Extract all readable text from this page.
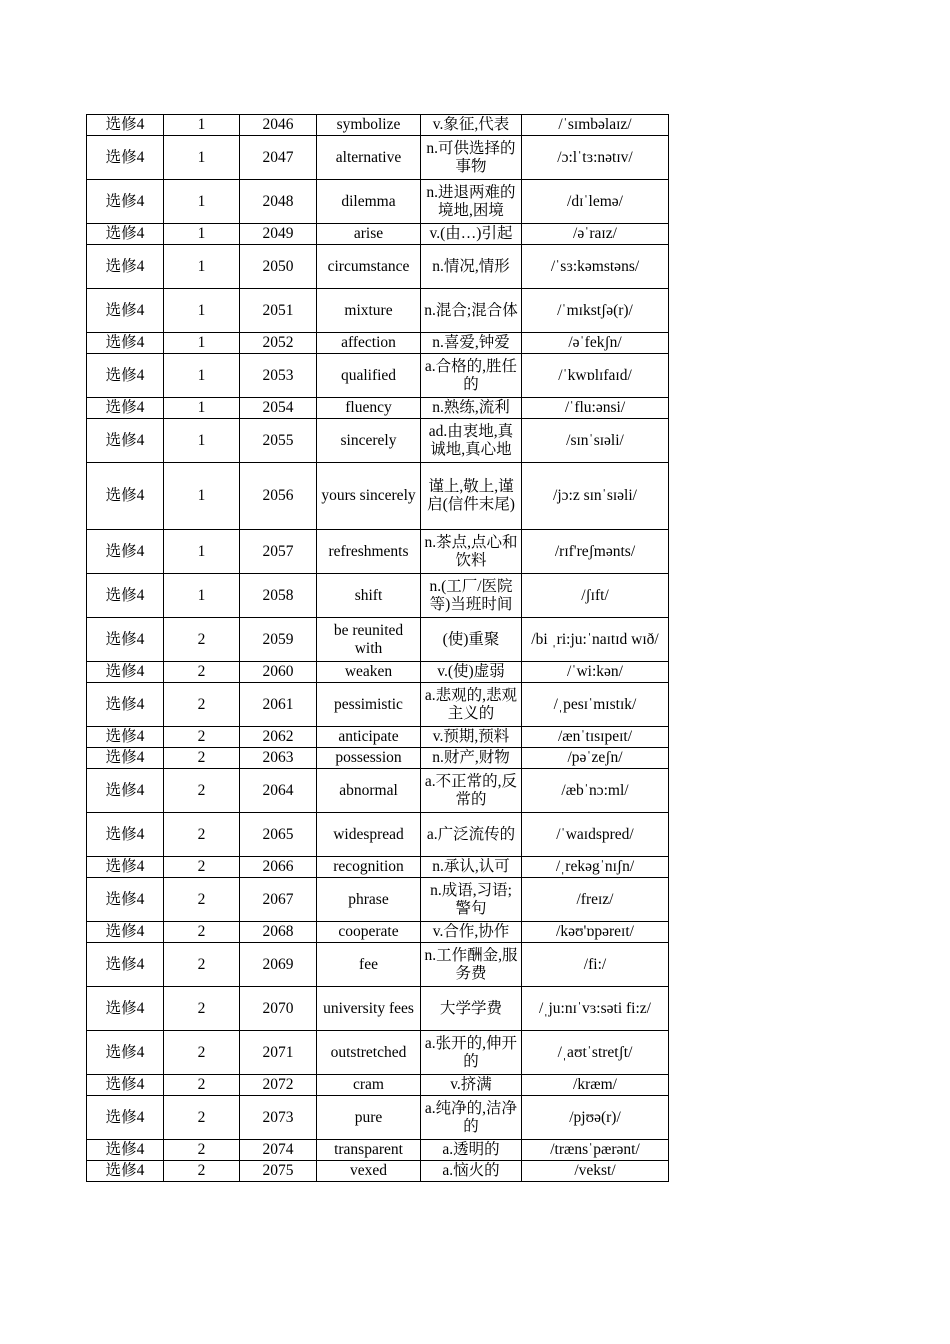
选修4	1	2046	symbolize	v.象征,代表	/ˈsɪmbəlaɪz/
选修4	1	2047	alternative	n.可供选择的事物	/ɔ:lˈtɜ:nətɪv/
选修4	1	2048	dilemma	n.进退两难的境地,困境	/dɪˈlemə/
选修4	1	2049	arise	v.(由…)引起	/əˈraɪz/
选修4	1	2050	circumstance	n.情况,情形	/ˈsɜ:kəmstəns/
选修4	1	2051	mixture	n.混合;混合体	/ˈmɪkstʃə(r)/
选修4	1	2052	affection	n.喜爱,钟爱	/əˈfekʃn/
选修4	1	2053	qualified	a.合格的,胜任的	/ˈkwɒlɪfaɪd/
选修4	1	2054	fluency	n.熟练,流利	/ˈflu:ənsi/
选修4	1	2055	sincerely	ad.由衷地,真诚地,真心地	/sɪnˈsɪəli/
选修4	1	2056	yours sincerely	谨上,敬上,谨启(信件末尾)	/jɔ:z sɪnˈsɪəli/
选修4	1	2057	refreshments	n.茶点,点心和饮料	/rɪf'reʃmənts/
选修4	1	2058	shift	n.(工厂/医院等)当班时间	/ʃɪft/
选修4	2	2059	be reunited with	(使)重聚	/bi ˌri:ju:ˈnaɪtɪd wɪð/
选修4	2	2060	weaken	v.(使)虚弱	/ˈwi:kən/
选修4	2	2061	pessimistic	a.悲观的,悲观主义的	/ˌpesɪˈmɪstɪk/
选修4	2	2062	anticipate	v.预期,预料	/ænˈtɪsɪpeɪt/
选修4	2	2063	possession	n.财产,财物	/pəˈzeʃn/
选修4	2	2064	abnormal	a.不正常的,反常的	/æbˈnɔ:ml/
选修4	2	2065	widespread	a.广泛流传的	/ˈwaɪdspred/
选修4	2	2066	recognition	n.承认,认可	/ˌrekəgˈnɪʃn/
选修4	2	2067	phrase	n.成语,习语;警句	/freɪz/
选修4	2	2068	cooperate	v.合作,协作	/kəʊ'ɒpəreɪt/
选修4	2	2069	fee	n.工作酬金,服务费	/fi:/
选修4	2	2070	university fees	大学学费	/ˌju:nɪˈvɜ:səti fi:z/
选修4	2	2071	outstretched	a.张开的,伸开的	/ˌaʊtˈstretʃt/
选修4	2	2072	cram	v.挤满	/kræm/
选修4	2	2073	pure	a.纯净的,洁净的	/pjʊə(r)/
选修4	2	2074	transparent	a.透明的	/trænsˈpærənt/
选修4	2	2075	vexed	a.恼火的	/vekst/
